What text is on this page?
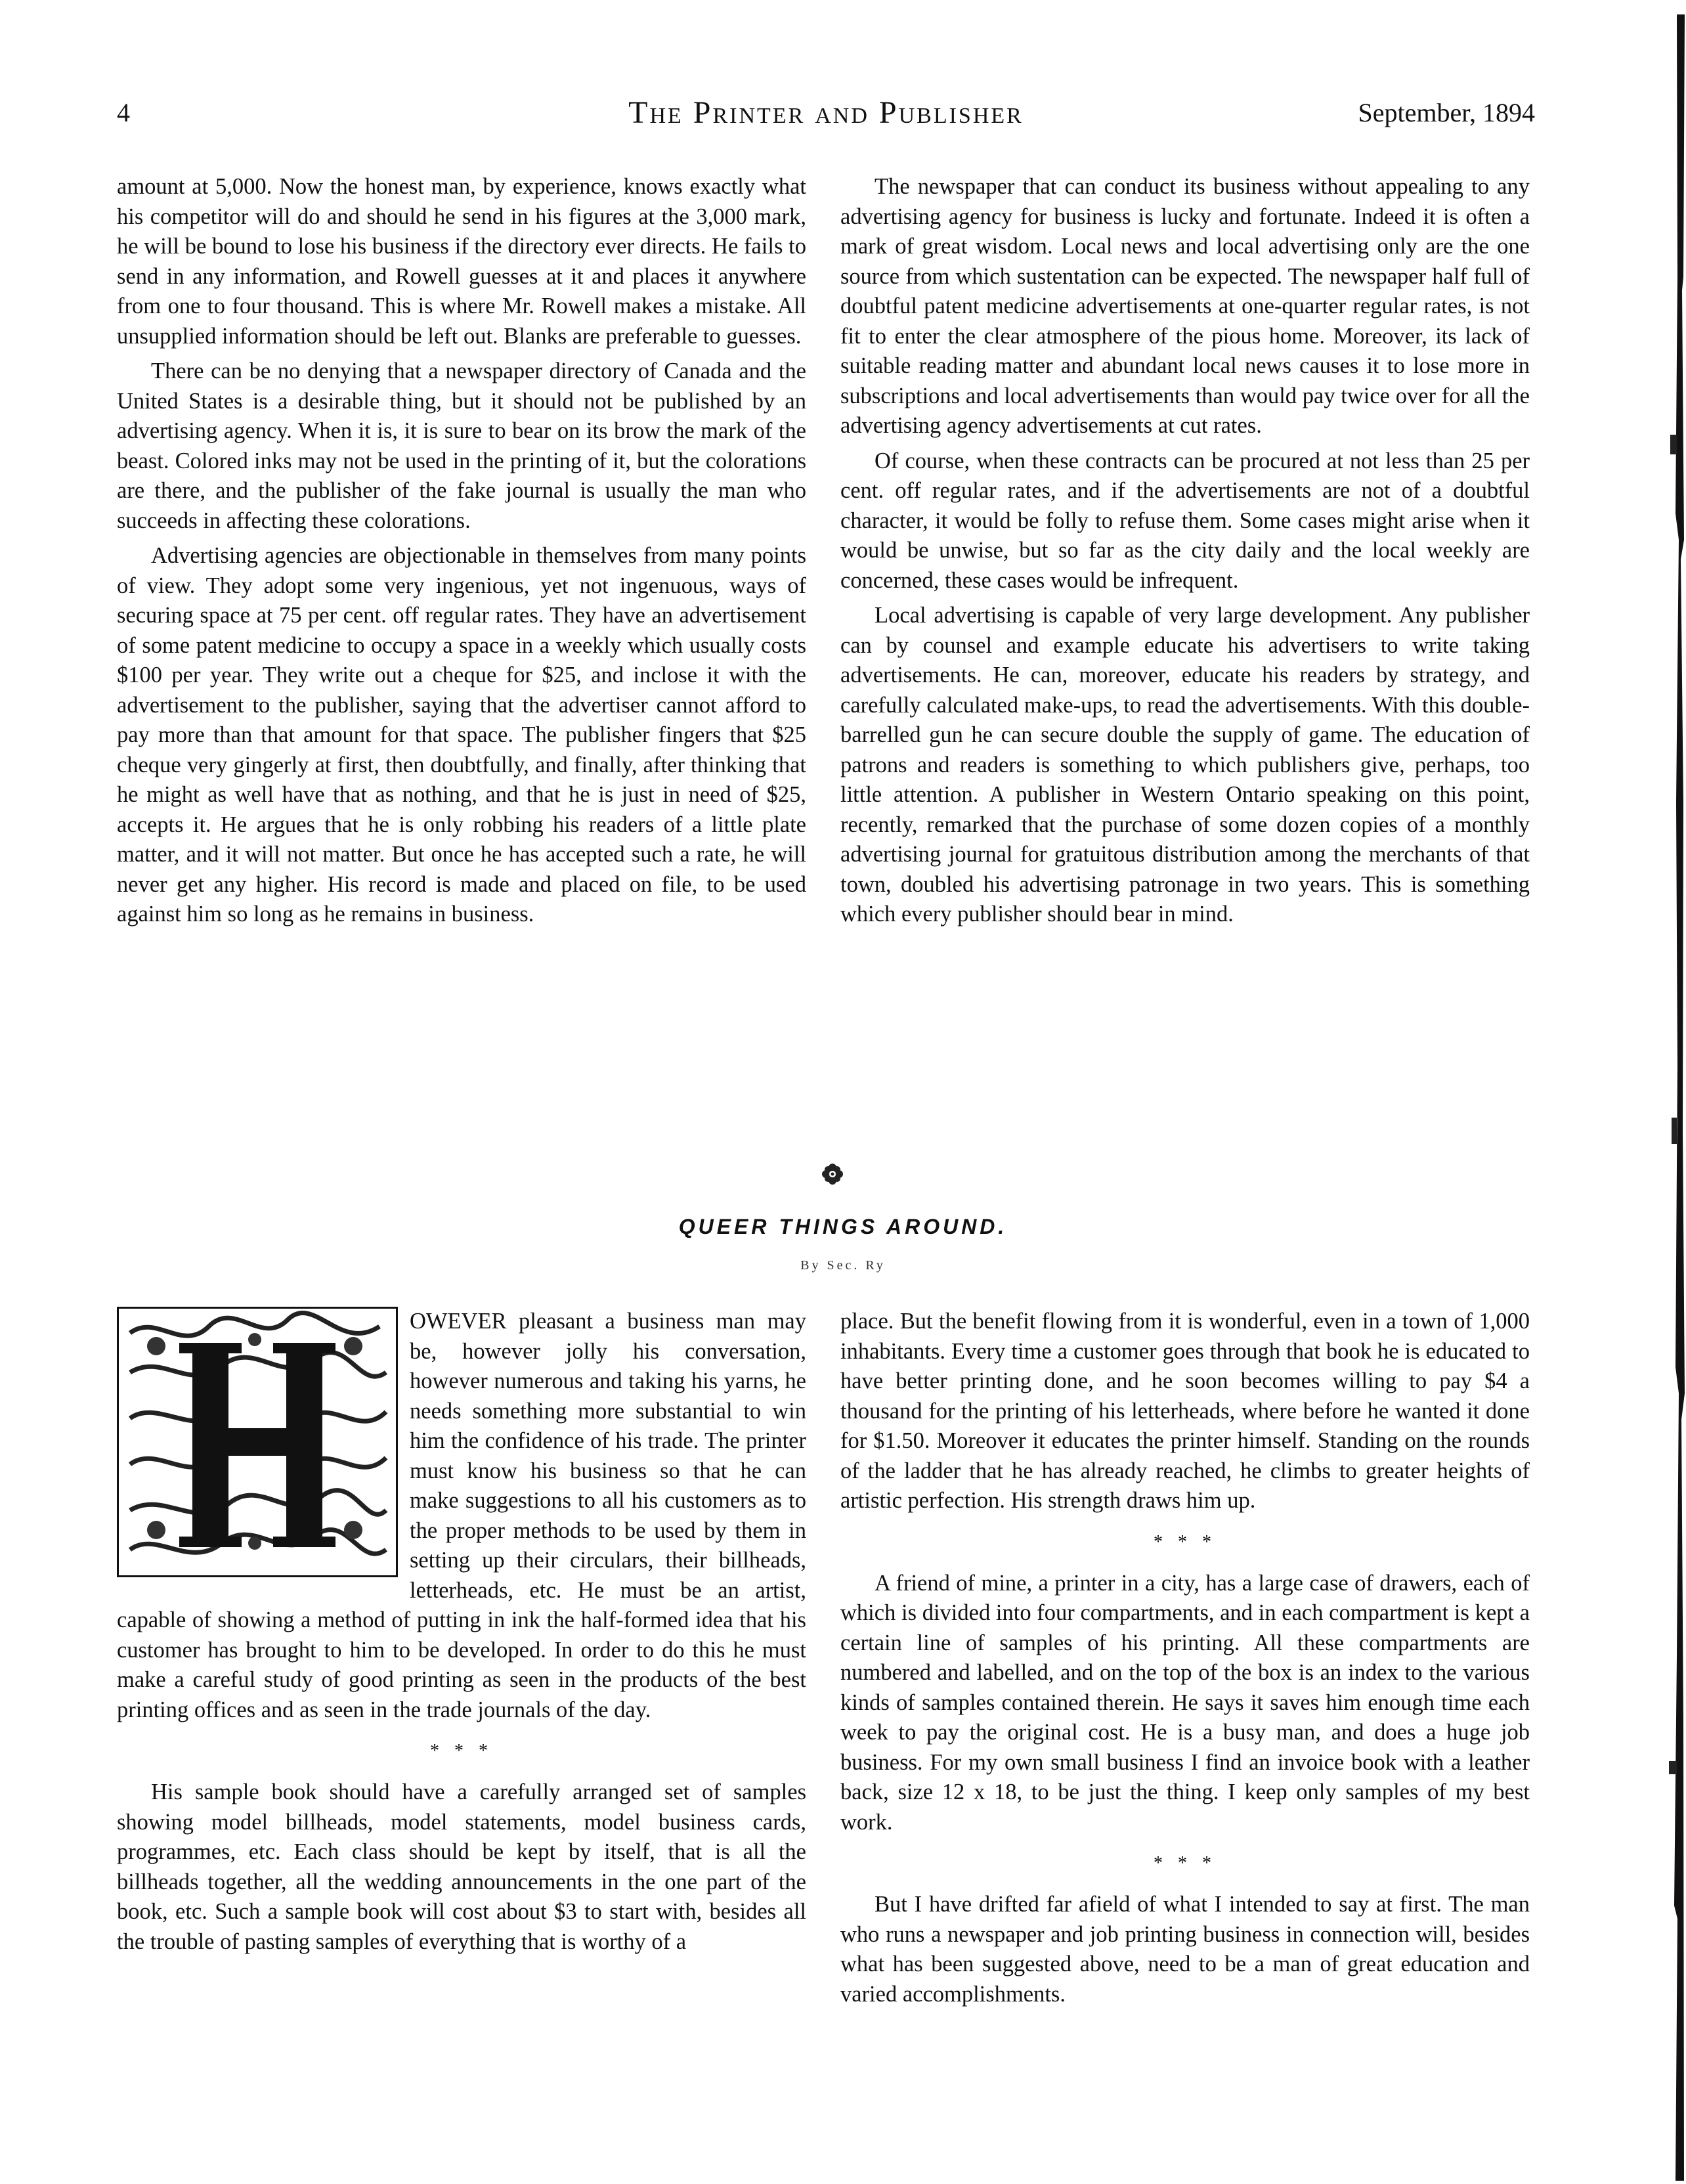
4	The Printer and Publisher	September, 1894

amount at 5,000. Now the honest man, by experience, knows exactly what his competitor will do and should he send in his figures at the 3,000 mark, he will be bound to lose his business if the directory ever directs. He fails to send in any information, and Rowell guesses at it and places it anywhere from one to four thousand. This is where Mr. Rowell makes a mistake. All unsupplied information should be left out. Blanks are preferable to guesses.

There can be no denying that a newspaper directory of Canada and the United States is a desirable thing, but it should not be published by an advertising agency. When it is, it is sure to bear on its brow the mark of the beast. Colored inks may not be used in the printing of it, but the colorations are there, and the publisher of the fake journal is usually the man who succeeds in affecting these colorations.

Advertising agencies are objectionable in themselves from many points of view. They adopt some very ingenious, yet not ingenuous, ways of securing space at 75 per cent. off regular rates. They have an advertisement of some patent medicine to occupy a space in a weekly which usually costs $100 per year. They write out a cheque for $25, and inclose it with the advertisement to the publisher, saying that the advertiser cannot afford to pay more than that amount for that space. The publisher fingers that $25 cheque very gingerly at first, then doubtfully, and finally, after thinking that he might as well have that as nothing, and that he is just in need of $25, accepts it. He argues that he is only robbing his readers of a little plate matter, and it will not matter. But once he has accepted such a rate, he will never get any higher. His record is made and placed on file, to be used against him so long as he remains in business.

The newspaper that can conduct its business without appealing to any advertising agency for business is lucky and fortunate. Indeed it is often a mark of great wisdom. Local news and local advertising only are the one source from which sustentation can be expected. The newspaper half full of doubtful patent medicine advertisements at one-quarter regular rates, is not fit to enter the clear atmosphere of the pious home. Moreover, its lack of suitable reading matter and abundant local news causes it to lose more in subscriptions and local advertisements than would pay twice over for all the advertising agency advertisements at cut rates.

Of course, when these contracts can be procured at not less than 25 per cent. off regular rates, and if the advertisements are not of a doubtful character, it would be folly to refuse them. Some cases might arise when it would be unwise, but so far as the city daily and the local weekly are concerned, these cases would be infrequent.

Local advertising is capable of very large development. Any publisher can by counsel and example educate his advertisers to write taking advertisements. He can, moreover, educate his readers by strategy, and carefully calculated make-ups, to read the advertisements. With this double-barrelled gun he can secure double the supply of game. The education of patrons and readers is something to which publishers give, perhaps, too little attention. A publisher in Western Ontario speaking on this point, recently, remarked that the purchase of some dozen copies of a monthly advertising journal for gratuitous distribution among the merchants of that town, doubled his advertising patronage in two years. This is something which every publisher should bear in mind.

QUEER THINGS AROUND.
By Sec. Ry

OWEVER pleasant a business man may be, however jolly his conversation, however numerous and taking his yarns, he needs something more substantial to win him the confidence of his trade. The printer must know his business so that he can make suggestions to all his customers as to the proper methods to be used by them in setting up their circulars, their billheads, letterheads, etc. He must be an artist, capable of showing a method of putting in ink the half-formed idea that his customer has brought to him to be developed. In order to do this he must make a careful study of good printing as seen in the products of the best printing offices and as seen in the trade journals of the day.

* * *

His sample book should have a carefully arranged set of samples showing model billheads, model statements, model business cards, programmes, etc. Each class should be kept by itself, that is all the billheads together, all the wedding announcements in the one part of the book, etc. Such a sample book will cost about $3 to start with, besides all the trouble of pasting samples of everything that is worthy of a

place. But the benefit flowing from it is wonderful, even in a town of 1,000 inhabitants. Every time a customer goes through that book he is educated to have better printing done, and he soon becomes willing to pay $4 a thousand for the printing of his letterheads, where before he wanted it done for $1.50. Moreover it educates the printer himself. Standing on the rounds of the ladder that he has already reached, he climbs to greater heights of artistic perfection. His strength draws him up.

* * *

A friend of mine, a printer in a city, has a large case of drawers, each of which is divided into four compartments, and in each compartment is kept a certain line of samples of his printing. All these compartments are numbered and labelled, and on the top of the box is an index to the various kinds of samples contained therein. He says it saves him enough time each week to pay the original cost. He is a busy man, and does a huge job business. For my own small business I find an invoice book with a leather back, size 12 x 18, to be just the thing. I keep only samples of my best work.

* * *

But I have drifted far afield of what I intended to say at first. The man who runs a newspaper and job printing business in connection will, besides what has been suggested above, need to be a man of great education and varied accomplishments.
